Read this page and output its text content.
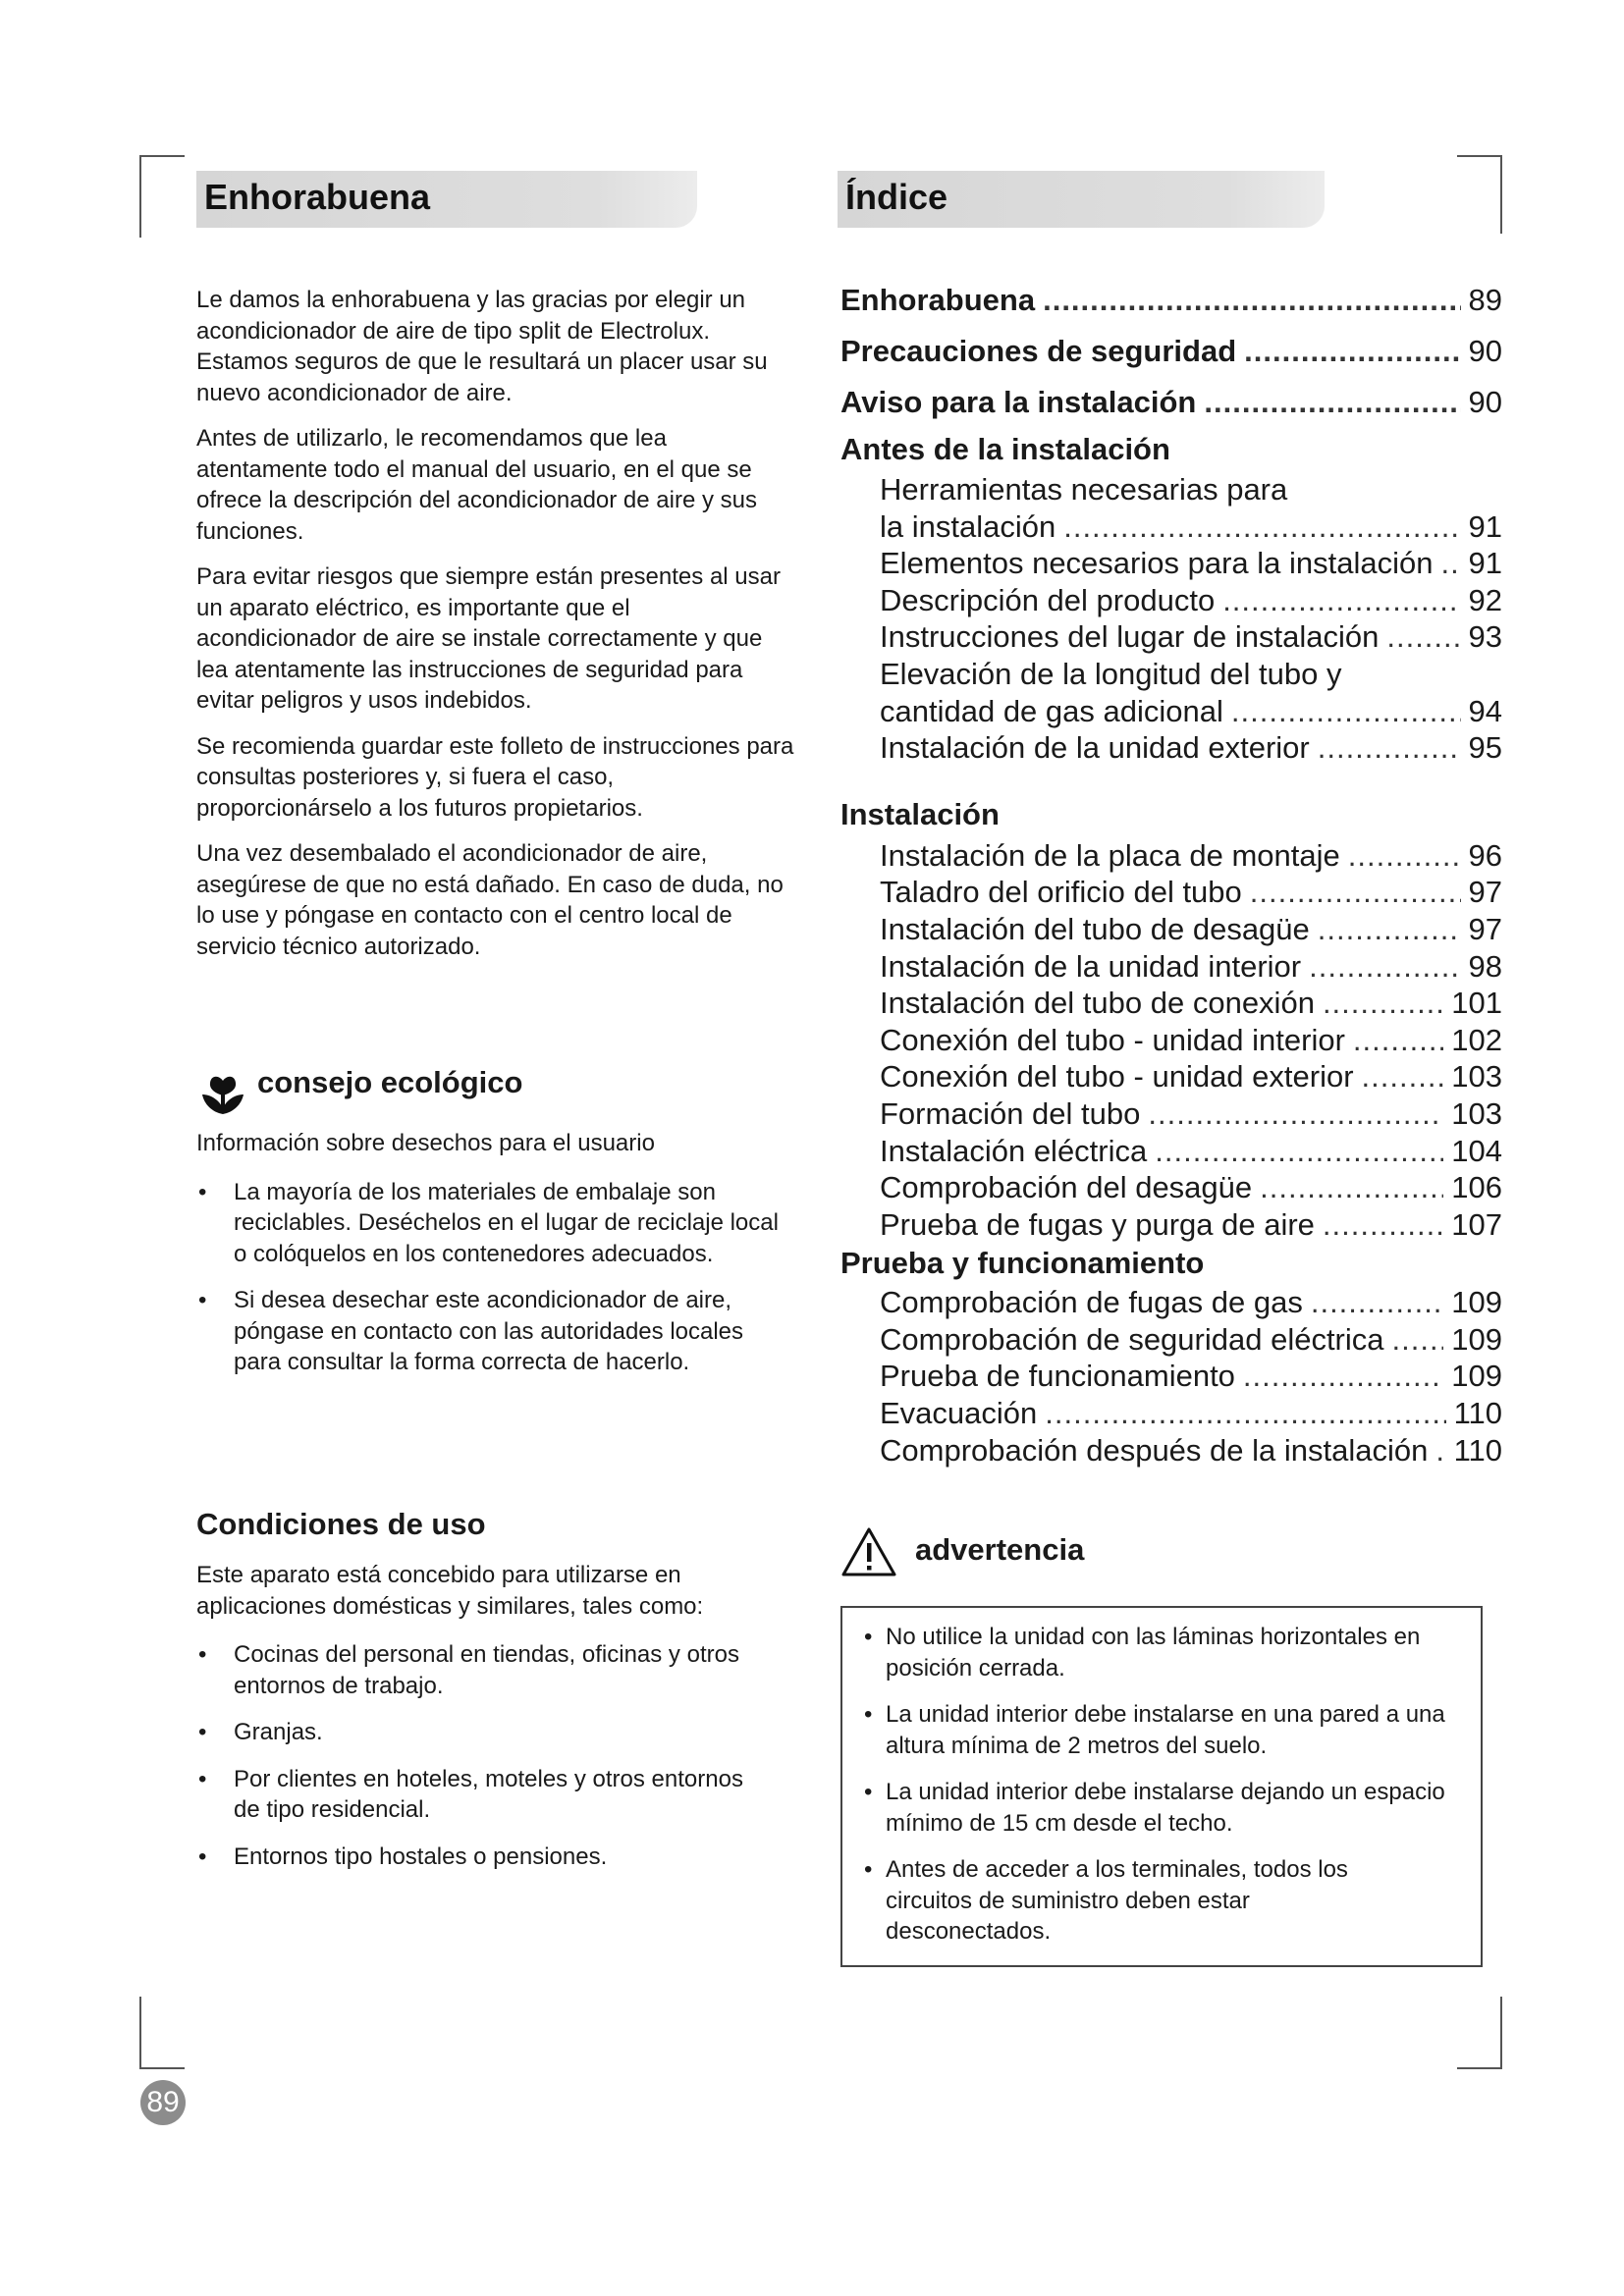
Enhorabuena

Le damos la enhorabuena y las gracias por elegir un acondicionador de aire de tipo split de Electrolux. Estamos seguros de que le resultará un placer usar su nuevo acondicionador de aire.

Antes de utilizarlo, le recomendamos que lea atentamente todo el manual del usuario, en el que se ofrece la descripción del acondicionador de aire y sus funciones.

Para evitar riesgos que siempre están presentes al usar un aparato eléctrico, es importante que el acondicionador de aire se instale correctamente y que lea atentamente las instrucciones de seguridad para evitar peligros y usos indebidos.

Se recomienda guardar este folleto de instrucciones para consultas posteriores y, si fuera el caso, proporcionárselo a los futuros propietarios.

Una vez desembalado el acondicionador de aire, asegúrese de que no está dañado. En caso de duda, no lo use y póngase en contacto con el centro local de servicio técnico autorizado.

consejo ecológico

Información sobre desechos para el usuario

• La mayoría de los materiales de embalaje son reciclables. Deséchelos en el lugar de reciclaje local o colóquelos en los contenedores adecuados.
• Si desea desechar este acondicionador de aire, póngase en contacto con las autoridades locales para consultar la forma correcta de hacerlo.
Condiciones de uso

Este aparato está concebido para utilizarse en aplicaciones domésticas y similares, tales como:

• Cocinas del personal en tiendas, oficinas y otros entornos de trabajo.
• Granjas.
• Por clientes en hoteles, moteles y otros entornos de tipo residencial.
• Entornos tipo hostales o pensiones.
Índice
Enhorabuena .....	89
Precauciones de seguridad .....	90
Aviso para la instalación .....	90
Antes de la instalación
Herramientas necesarias para
la instalación .....	91
Elementos necesarios para la instalación ..... 91
Descripción del producto .....	92
Instrucciones del lugar de instalación .....	93
Elevación de la longitud del tubo y
cantidad de gas adicional .....	94
Instalación de la unidad exterior .....	95
Instalación
Instalación de la placa de montaje .....	96
Taladro del orificio del tubo .....	97
Instalación del tubo de desagüe .....	97
Instalación de la unidad interior .....	98
Instalación del tubo de conexión .....	101
Conexión del tubo - unidad interior .....	102
Conexión del tubo - unidad exterior .....	103
Formación del tubo .....	103
Instalación eléctrica .....	104
Comprobación del desagüe .....	106
Prueba de fugas y purga de aire .....	107
Prueba y funcionamiento
Comprobación de fugas de gas .....	109
Comprobación de seguridad eléctrica ..... 109
Prueba de funcionamiento .....	109
Evacuación .....	110
Comprobación después de la instalación ..... 110
advertencia
• No utilice la unidad con las láminas horizontales en posición cerrada.
• La unidad interior debe instalarse en una pared a una altura mínima de 2 metros del suelo.
• La unidad interior debe instalarse dejando un espacio mínimo de 15 cm desde el techo.
• Antes de acceder a los terminales, todos los circuitos de suministro deben estar desconectados.
89
